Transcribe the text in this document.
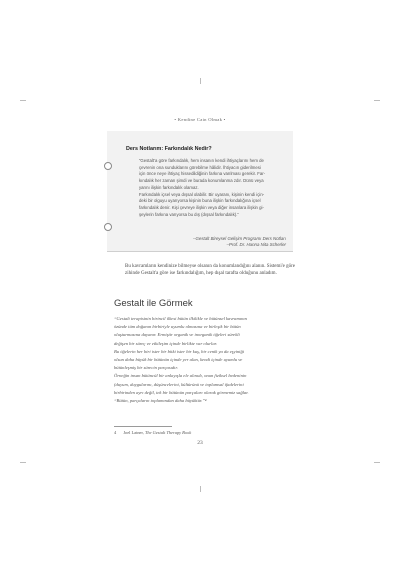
• Kendine Cain Olmak •
Ders Notlarım: Farkındalık Nedir?

“Gestalt’a göre farkındalık, hem insanın kendi ihtiyaçlarını hem de

çevrenin ona sunduklarını görebilme hâlidir. İhtiyacın giderilmesi

için önce neye ihtiyaç hissedildiğinin farkına varılması gerekir. Far-

kındalık her zaman şimdi ve burada konumlanma zdır. Dünü veya

yarını ilişkin farkındalık olamaz.

Farkındalık içsel veya dışsal olabilir. Bir uyaranı, kişinin kendi için-

deki bir olguyu uyarıyorsa kişinin buna ilişkin farkındalığına içsel

farkındalık denir. Kişi çevreye ilişkin veya diğer insanlara ilişkin gi-

şeylerin farkına varıyorsa bu dış (dışsal farkındalık).”

–Gestalt Bireysel Gelişim Programı Ders Notları
–Prof. Dr. Hanna Nita Scherler

Bu kavramların kendinize bilmeyse olsanın da konumlandığını alanın. Sistemi'e göre zihinde Gestalt'a göre ise farkındalığım, hep dışal tarafta olduğunu anladım.

Gestalt ile Görmek

“Gestalt terapisinin birincil ilkesi bütün ilkilikle ve bütünsel kavramının

özünde tüm doğanın birbiriyle uyumlu olmasına ve birleşik bir bütün

oluşturmasına dayanır. Ermiştir organik ve inorganik öğeleri sürekli

değişen bir süreç ve etkileşim içinde birlikte var olurlar.

Bu öğelerin her biri ister bir bitki ister bir kuş, bir cenik ya da eşyiniği

olsun daha büyük bir bütünün içinde yer alan, kendi içinde uyumlu ve

bütünleşmiş bir sürecin parçasıdır.

Örneğin insan bütüncül bir anlayışla ele alınıdı, onun fiziksel bedeninin

(duyum, duygularını, düşüncelerini, kültürünü ve toplumsal ifadelerini

birbirinden ayrı değil, tek bir bütünün parçaları olarak görmemiz sağlar.

“Bütün, parçaların toplamından daha büyüktür.”⁴

4 Joel Latner, The Gestalt Therapy Book
23
